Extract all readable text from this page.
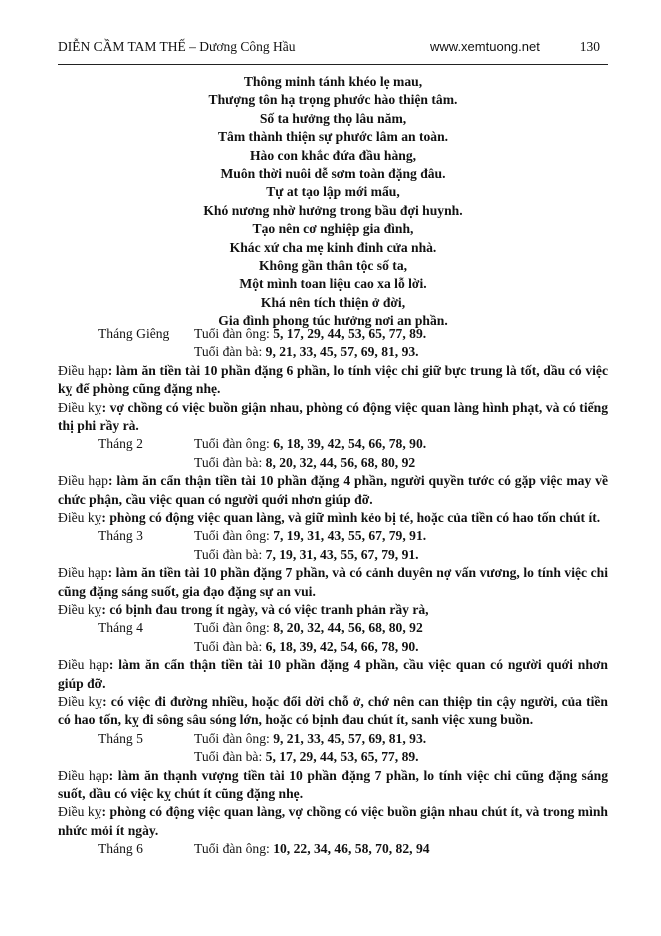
DIỄN CẦM TAM THẾ – Dương Công Hầu	www.xemtuong.net	130
Thông minh tánh khéo lẹ mau,
Thượng tôn hạ trọng phước hào thiện tâm.
Số ta hưởng thọ lâu năm,
Tâm thành thiện sự phước lâm an toàn.
Hào con khắc đứa đầu hàng,
Muôn thời nuôi dễ sơm toàn đặng đâu.
Tự at tạo lập mới mẩu,
Khó nương nhờ hưởng trong bầu đợi huynh.
Tạo nên cơ nghiệp gia đình,
Khác xứ cha mẹ kinh đinh cửa nhà.
Không gần thân tộc số ta,
Một mình toan liệu cao xa lỗ lời.
Khá nên tích thiện ở đời,
Gia đình phong túc hưởng nơi an phần.
Tháng Giêng Tuổi đàn ông: 5, 17, 29, 44, 53, 65, 77, 89.
Tuổi đàn bà: 9, 21, 33, 45, 57, 69, 81, 93.

Điều hạp: làm ăn tiền tài 10 phần đặng 6 phần, lo tính việc chi giữ bực trung là tốt, dầu có việc kỵ để phòng cũng đặng nhẹ.

Điều kỵ: vợ chồng có việc buồn giận nhau, phòng có động việc quan làng hình phạt, và có tiếng thị phi rầy rà.

Tháng 2	Tuổi đàn ông: 6, 18, 39, 42, 54, 66, 78, 90.
Tuổi đàn bà: 8, 20, 32, 44, 56, 68, 80, 92

Điều hạp: làm ăn cẩn thận tiền tài 10 phần đặng 4 phần, người quyền tước có gặp việc may về chức phận, cầu việc quan có người quới nhơn giúp đỡ.

Điều kỵ: phòng có động việc quan làng, và giữ mình kẻo bị té, hoặc của tiền có hao tốn chút ít.

Tháng 3	Tuổi đàn ông: 7, 19, 31, 43, 55, 67, 79, 91.
Tuổi đàn bà: 7, 19, 31, 43, 55, 67, 79, 91.

Điều hạp: làm ăn tiền tài 10 phần đặng 7 phần, và có cảnh duyên nợ vấn vương, lo tính việc chi cũng đặng sáng suốt, gia đạo đặng sự an vui.

Điều kỵ: có bịnh đau trong ít ngày, và có việc tranh phản rầy rà,

Tháng 4	Tuổi đàn ông: 8, 20, 32, 44, 56, 68, 80, 92
Tuổi đàn bà: 6, 18, 39, 42, 54, 66, 78, 90.

Điều hạp: làm ăn cẩn thận tiền tài 10 phần đặng 4 phần, cầu việc quan có người quới nhơn giúp đỡ.

Điều kỵ: có việc đi đường nhiều, hoặc đổi dời chỗ ở, chớ nên can thiệp tin cậy người, của tiền có hao tốn, kỵ đi sông sâu sóng lớn, hoặc có bịnh đau chút ít, sanh việc xung buồn.

Tháng 5	Tuổi đàn ông: 9, 21, 33, 45, 57, 69, 81, 93.
Tuổi đàn bà: 5, 17, 29, 44, 53, 65, 77, 89.

Điều hạp: làm ăn thạnh vượng tiền tài 10 phần đặng 7 phần, lo tính việc chi cũng đặng sáng suốt, dầu có việc kỵ chút ít cũng đặng nhẹ.

Điều kỵ: phòng có động việc quan làng, vợ chồng có việc buồn giận nhau chút ít, và trong mình nhức mỏi ít ngày.

Tháng 6	Tuổi đàn ông: 10, 22, 34, 46, 58, 70, 82, 94
